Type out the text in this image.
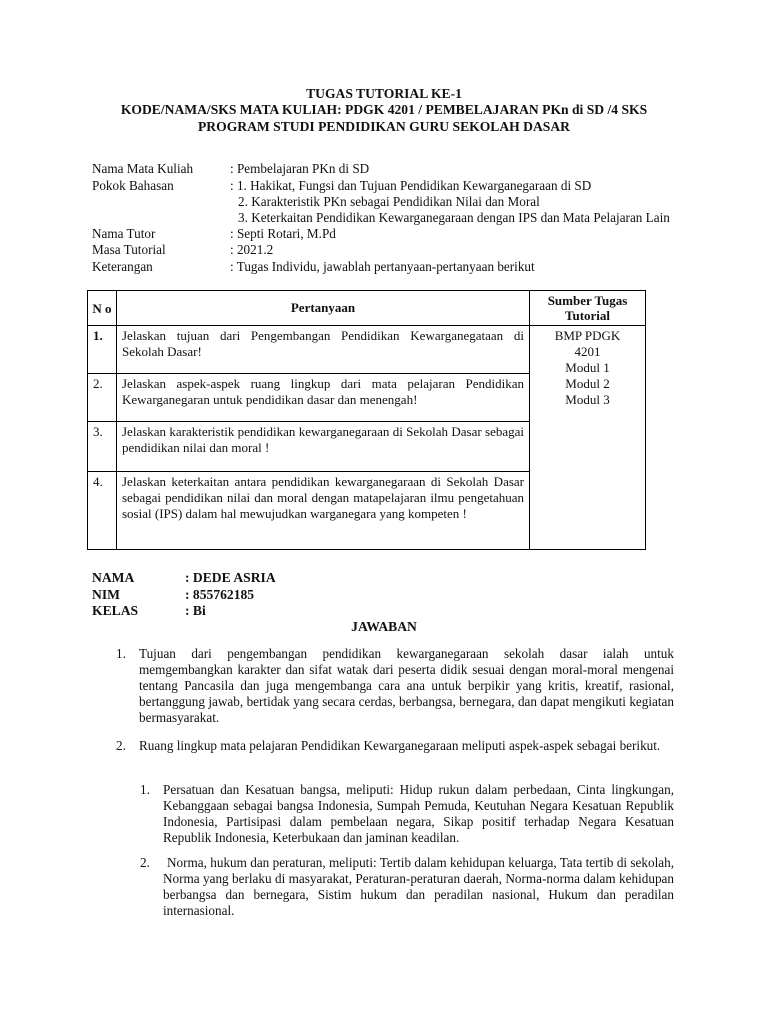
TUGAS TUTORIAL KE-1
KODE/NAMA/SKS MATA KULIAH: PDGK 4201 / PEMBELAJARAN PKn di SD /4 SKS
PROGRAM STUDI PENDIDIKAN GURU SEKOLAH DASAR
Nama Mata Kuliah	: Pembelajaran PKn di SD
Pokok Bahasan	: 1. Hakikat, Fungsi dan Tujuan Pendidikan Kewarganegaraan di SD
2. Karakteristik PKn sebagai Pendidikan Nilai dan Moral
3. Keterkaitan Pendidikan Kewarganegaraan dengan IPS dan Mata Pelajaran Lain
Nama Tutor	: Septi Rotari, M.Pd
Masa Tutorial	: 2021.2
Keterangan	: Tugas Individu, jawablah pertanyaan-pertanyaan berikut
N o	Pertanyaan	Sumber Tugas Tutorial
1.	Jelaskan tujuan dari Pengembangan Pendidikan Kewarganegataan di Sekolah Dasar!	BMP PDGK
4201
Modul 1
Modul 2
Modul 3

2.	Jelaskan aspek-aspek ruang lingkup dari mata pelajaran Pendidikan Kewarganegaran untuk pendidikan dasar dan menengah!	
3.	Jelaskan karakteristik pendidikan kewarganegaraan di Sekolah Dasar sebagai pendidikan nilai dan moral !	
4.	Jelaskan keterkaitan antara pendidikan kewarganegaraan di Sekolah Dasar sebagai pendidikan nilai dan moral dengan matapelajaran ilmu pengetahuan sosial (IPS) dalam hal mewujudkan warganegara yang kompeten !	
NAMA	: DEDE ASRIA
NIM	: 855762185
KELAS	: Bi
JAWABAN
1. Tujuan dari pengembangan pendidikan kewarganegaraan sekolah dasar ialah untuk memgembangkan karakter dan sifat watak dari peserta didik sesuai dengan moral-moral mengenai tentang Pancasila dan juga mengembanga cara ana untuk berpikir yang kritis, kreatif, rasional, bertanggung jawab, bertidak yang secara cerdas, berbangsa, bernegara, dan dapat mengikuti kegiatan bermasyarakat.
2. Ruang lingkup mata pelajaran Pendidikan Kewarganegaraan meliputi aspek-aspek sebagai berikut.
1. Persatuan dan Kesatuan bangsa, meliputi: Hidup rukun dalam perbedaan, Cinta lingkungan, Kebanggaan sebagai bangsa Indonesia, Sumpah Pemuda, Keutuhan Negara Kesatuan Republik Indonesia, Partisipasi dalam pembelaan negara, Sikap positif terhadap Negara Kesatuan Republik Indonesia, Keterbukaan dan jaminan keadilan.
2.	Norma, hukum dan peraturan, meliputi: Tertib dalam kehidupan keluarga, Tata tertib di sekolah, Norma yang berlaku di masyarakat, Peraturan-peraturan daerah, Norma-norma dalam kehidupan berbangsa dan bernegara, Sistim hukum dan peradilan nasional, Hukum dan peradilan internasional.
